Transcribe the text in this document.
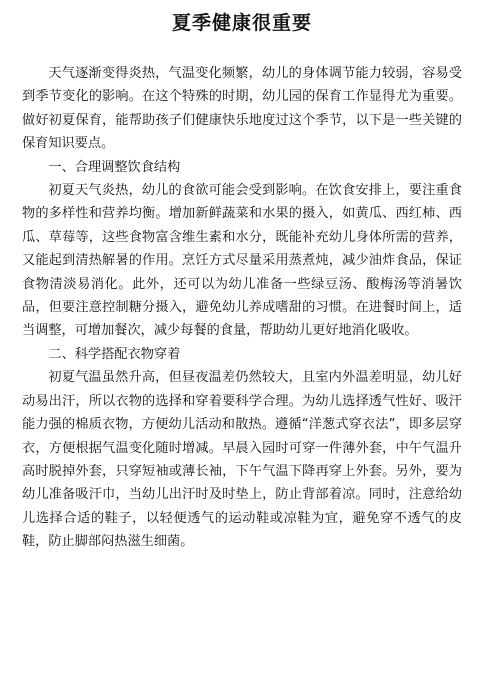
夏季健康很重要

天气逐渐变得炎热，气温变化频繁，幼儿的身体调节能力较弱，容易受到季节变化的影响。在这个特殊的时期，幼儿园的保育工作显得尤为重要。做好初夏保育，能帮助孩子们健康快乐地度过这个季节，以下是一些关键的保育知识要点。

一、合理调整饮食结构

初夏天气炎热，幼儿的食欲可能会受到影响。在饮食安排上，要注重食物的多样性和营养均衡。增加新鲜蔬菜和水果的摄入，如黄瓜、西红柿、西瓜、草莓等，这些食物富含维生素和水分，既能补充幼儿身体所需的营养，又能起到清热解暑的作用。烹饪方式尽量采用蒸煮炖，减少油炸食品，保证食物清淡易消化。此外，还可以为幼儿准备一些绿豆汤、酸梅汤等消暑饮品，但要注意控制糖分摄入，避免幼儿养成嗜甜的习惯。在进餐时间上，适当调整，可增加餐次，减少每餐的食量，帮助幼儿更好地消化吸收。

二、科学搭配衣物穿着

初夏气温虽然升高，但昼夜温差仍然较大，且室内外温差明显，幼儿好动易出汗，所以衣物的选择和穿着要科学合理。为幼儿选择透气性好、吸汗能力强的棉质衣物，方便幼儿活动和散热。遵循“洋葱式穿衣法”，即多层穿衣，方便根据气温变化随时增减。早晨入园时可穿一件薄外套，中午气温升高时脱掉外套，只穿短袖或薄长袖，下午气温下降再穿上外套。另外，要为幼儿准备吸汗巾，当幼儿出汗时及时垫上，防止背部着凉。同时，注意给幼儿选择合适的鞋子，以轻便透气的运动鞋或凉鞋为宜，避免穿不透气的皮鞋，防止脚部闷热滋生细菌。
